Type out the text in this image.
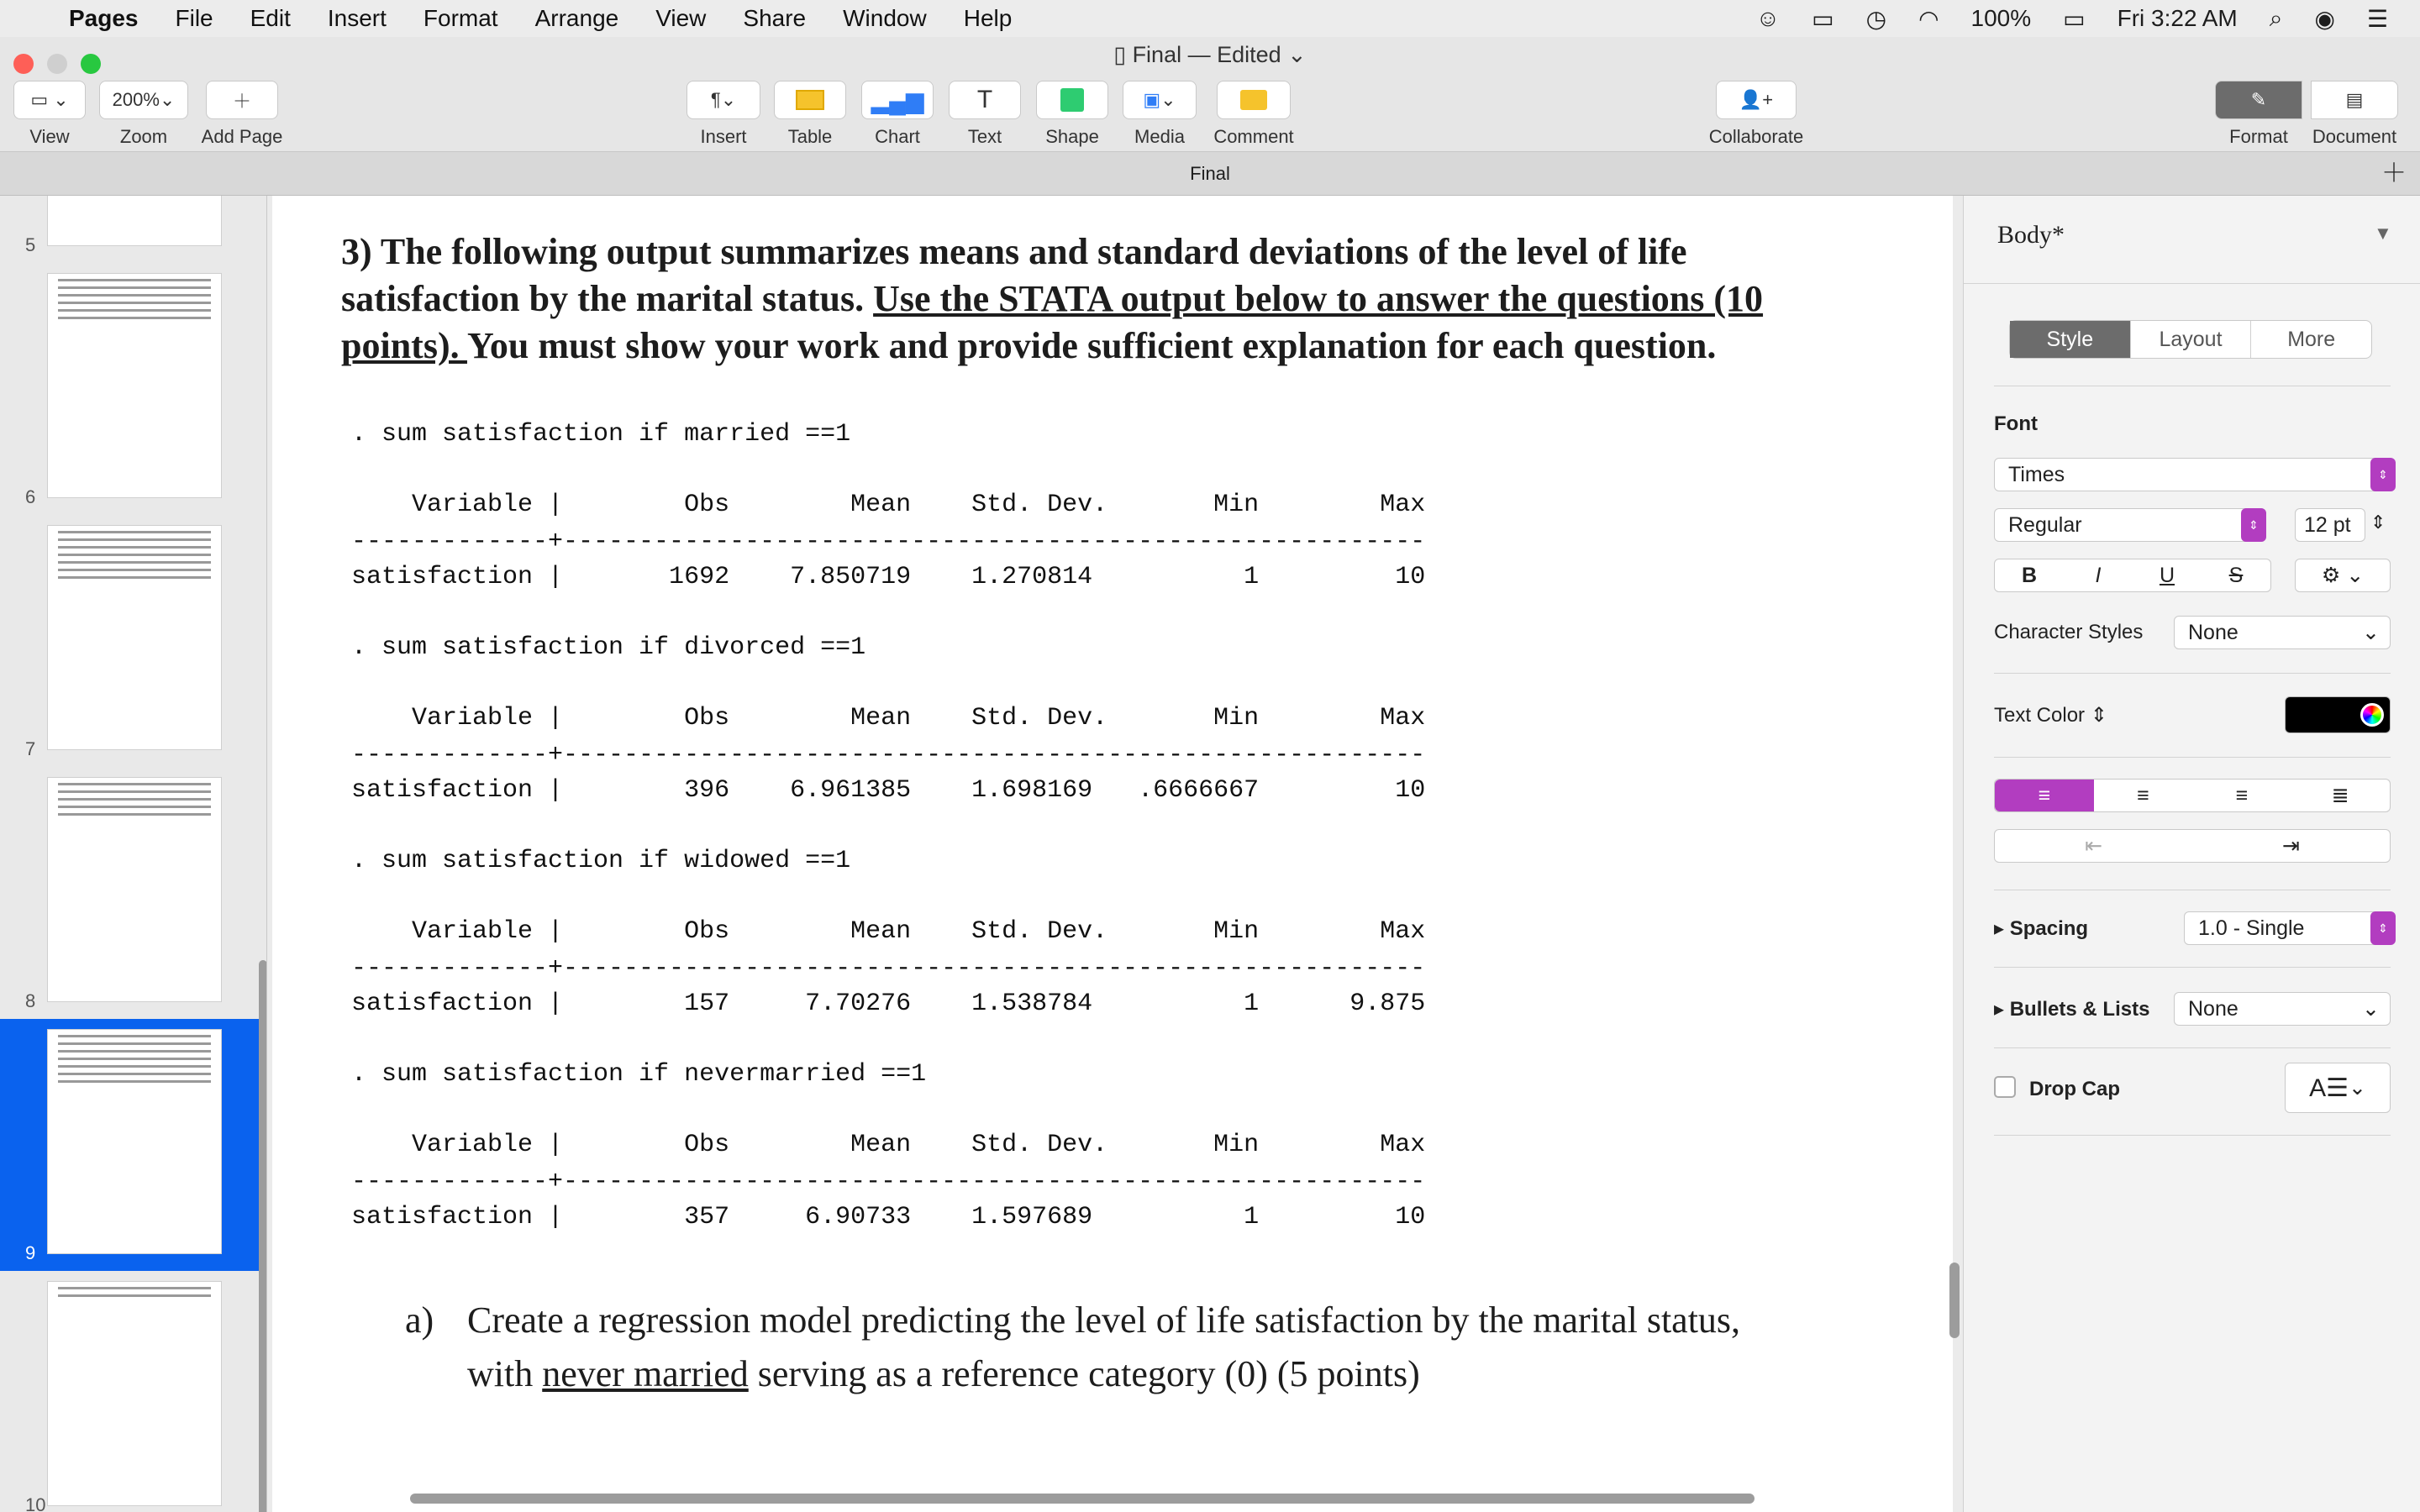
Pages File Edit Insert Format Arrange View Share Window Help	☺ ▭ ◷ ◠ 100% ▭ Fri 3:22 AM ⌕ ◉ ☰
▯ Final — Edited ⌄
▭ ⌄
View
200% ⌄
Zoom
＋
Add Page
¶ ⌄
Insert	Table
▂▄▆
Chart
T
Text	Shape
▣ ⌄
Media	Comment
👤+
Collaborate
✎
Format
▤
Document
Final	＋
5
6
7
8
9
10
3) The following output summarizes means and standard deviations of the level of life
satisfaction by the marital status. Use the STATA output below to answer the questions (10
points). You must show your work and provide sufficient explanation for each question.
. sum satisfaction if married ==1
Variable |        Obs        Mean    Std. Dev.       Min        Max
-------------+---------------------------------------------------------
satisfaction |       1692    7.850719    1.270814          1         10
. sum satisfaction if divorced ==1
Variable |        Obs        Mean    Std. Dev.       Min        Max
-------------+---------------------------------------------------------
satisfaction |        396    6.961385    1.698169   .6666667         10
. sum satisfaction if widowed ==1
Variable |        Obs        Mean    Std. Dev.       Min        Max
-------------+---------------------------------------------------------
satisfaction |        157     7.70276    1.538784          1      9.875
. sum satisfaction if nevermarried ==1
Variable |        Obs        Mean    Std. Dev.       Min        Max
-------------+---------------------------------------------------------
satisfaction |        357     6.90733    1.597689          1         10
a) Create a regression model predicting the level of life satisfaction by the marital status,
with never married serving as a reference category (0) (5 points)
Body*	▼
Style	Layout	More
Font
Times	⇕
Regular	⇕	12 pt	⇕
B	I	U	S	⚙ ⌄
Character Styles None	⌄
Text Color ⇕
≡	≡	≡	≣
⇤	⇥
▸ Spacing	1.0 - Single	⇕
▸ Bullets & Lists None	⌄
Drop Cap	A☰ ⌄
